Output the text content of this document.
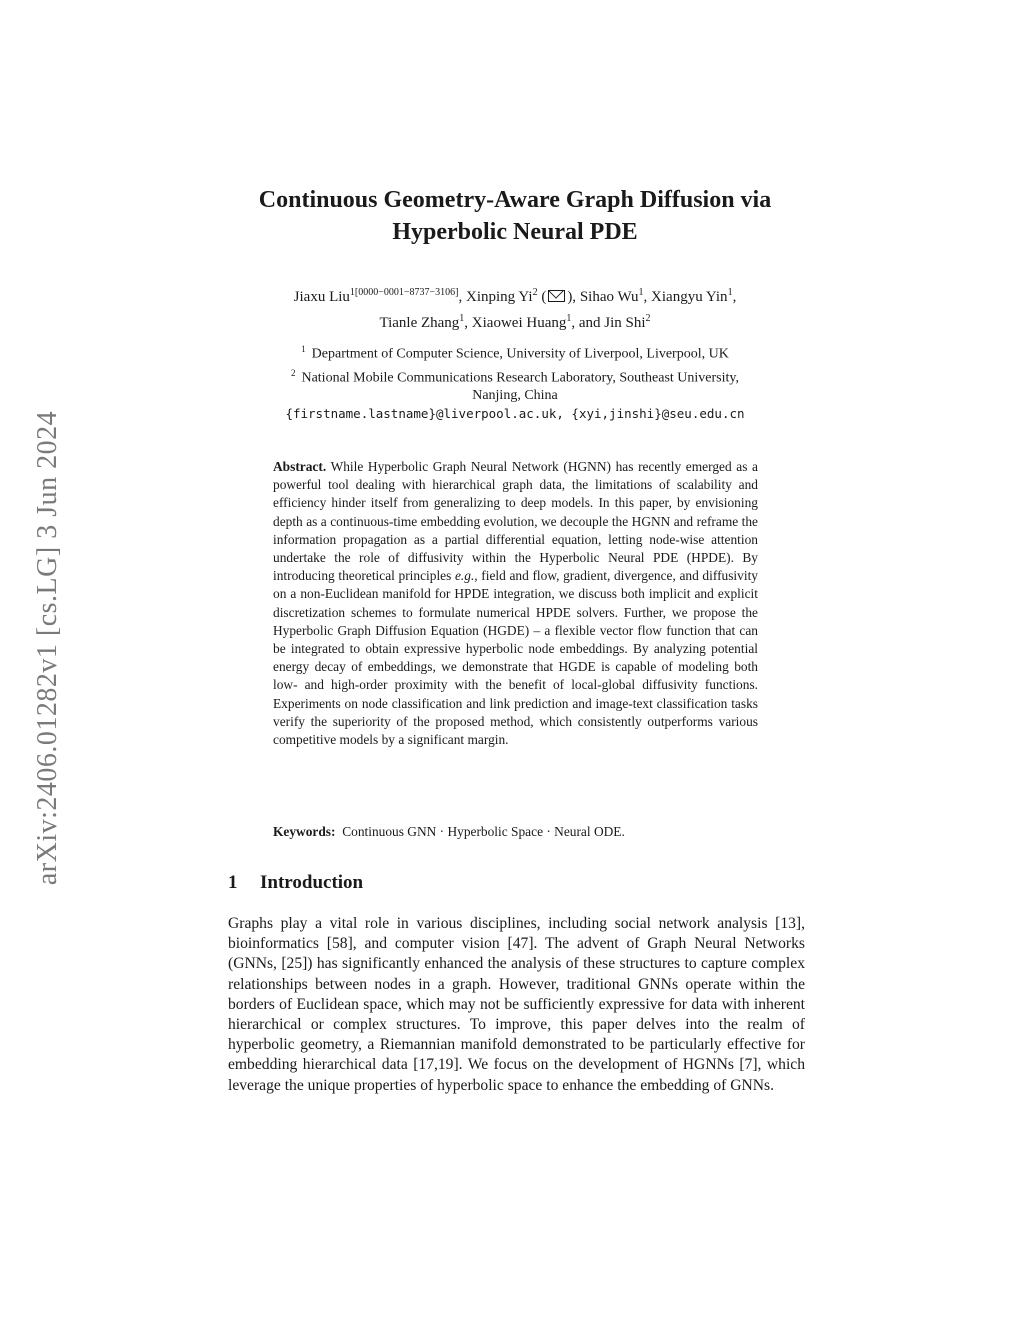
arXiv:2406.01282v1 [cs.LG] 3 Jun 2024
Continuous Geometry-Aware Graph Diffusion via
Hyperbolic Neural PDE
Jiaxu Liu$^{1[0000-0001-8737-3106]}$, Xinping Yi$^2$ ( ), Sihao Wu$^1$, Xiangyu Yin$^1$,
Tianle Zhang$^1$, Xiaowei Huang$^1$, and Jin Shi$^2$
$^1$ Department of Computer Science, University of Liverpool, Liverpool, UK
$^2$ National Mobile Communications Research Laboratory, Southeast University,
Nanjing, China
{firstname.lastname}@liverpool.ac.uk, {xyi,jinshi}@seu.edu.cn
Abstract. While Hyperbolic Graph Neural Network (HGNN) has recently emerged as a powerful tool dealing with hierarchical graph data, the limitations of scalability and efficiency hinder itself from generalizing to deep models. In this paper, by envisioning depth as a continuous-time embedding evolution, we decouple the HGNN and reframe the information propagation as a partial differential equation, letting node-wise attention undertake the role of diffusivity within the Hyperbolic Neural PDE (HPDE). By introducing theoretical principles e.g., field and flow, gradient, divergence, and diffusivity on a non-Euclidean manifold for HPDE integration, we discuss both implicit and explicit discretization schemes to formulate numerical HPDE solvers. Further, we propose the Hyperbolic Graph Diffusion Equation (HGDE) – a flexible vector flow function that can be integrated to obtain expressive hyperbolic node embeddings. By analyzing potential energy decay of embeddings, we demonstrate that HGDE is capable of modeling both low- and high-order proximity with the benefit of local-global diffusivity functions. Experiments on node classification and link prediction and image-text classification tasks verify the superiority of the proposed method, which consistently outperforms various competitive models by a significant margin.
Keywords: Continuous GNN · Hyperbolic Space · Neural ODE.
1 Introduction
Graphs play a vital role in various disciplines, including social network analysis [13], bioinformatics [58], and computer vision [47]. The advent of Graph Neural Networks (GNNs, [25]) has significantly enhanced the analysis of these structures to capture complex relationships between nodes in a graph. However, traditional GNNs operate within the borders of Euclidean space, which may not be sufficiently expressive for data with inherent hierarchical or complex structures. To improve, this paper delves into the realm of hyperbolic geometry, a Riemannian manifold demonstrated to be particularly effective for embedding hierarchical data [17,19]. We focus on the development of HGNNs [7], which leverage the unique properties of hyperbolic space to enhance the embedding of GNNs.
